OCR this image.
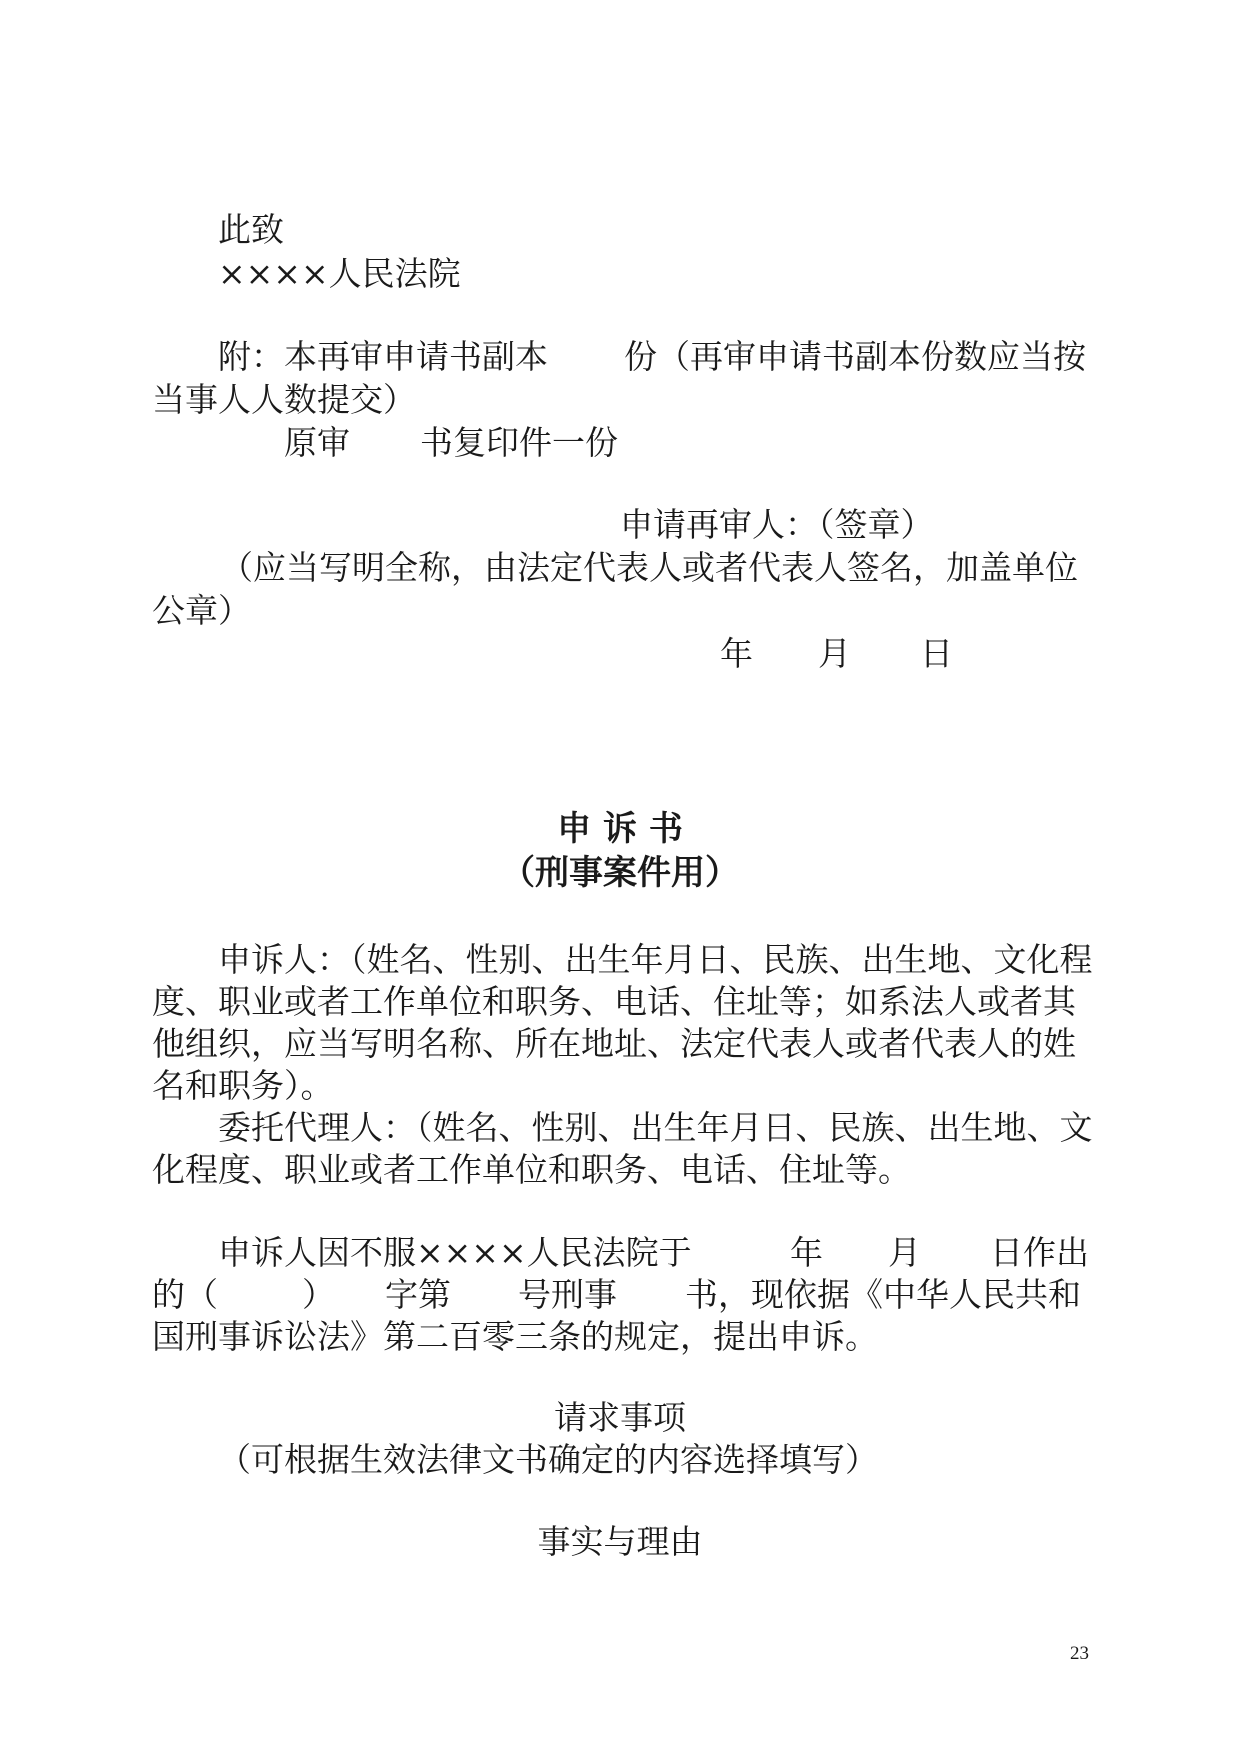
此致

××××人民法院

附：本再审申请书副本 份（再审申请书副本份数应当按

当事人人数提交）

原审 书复印件一份

申请再审人：（签章）

（应当写明全称，由法定代表人或者代表人签名，加盖单位

公章）

年 月 日

申 诉 书

（刑事案件用）

申诉人：（姓名、性别、出生年月日、民族、出生地、文化程

度、职业或者工作单位和职务、电话、住址等；如系法人或者其

他组织，应当写明名称、所在地址、法定代表人或者代表人的姓

名和职务）。

委托代理人：（姓名、性别、出生年月日、民族、出生地、文

化程度、职业或者工作单位和职务、电话、住址等。

申诉人因不服××××人民法院于	年 月 日作出

的（	） 字第 号刑事 书，现依据《中华人民共和

国刑事诉讼法》第二百零三条的规定，提出申诉。

请求事项

（可根据生效法律文书确定的内容选择填写）

事实与理由

23
